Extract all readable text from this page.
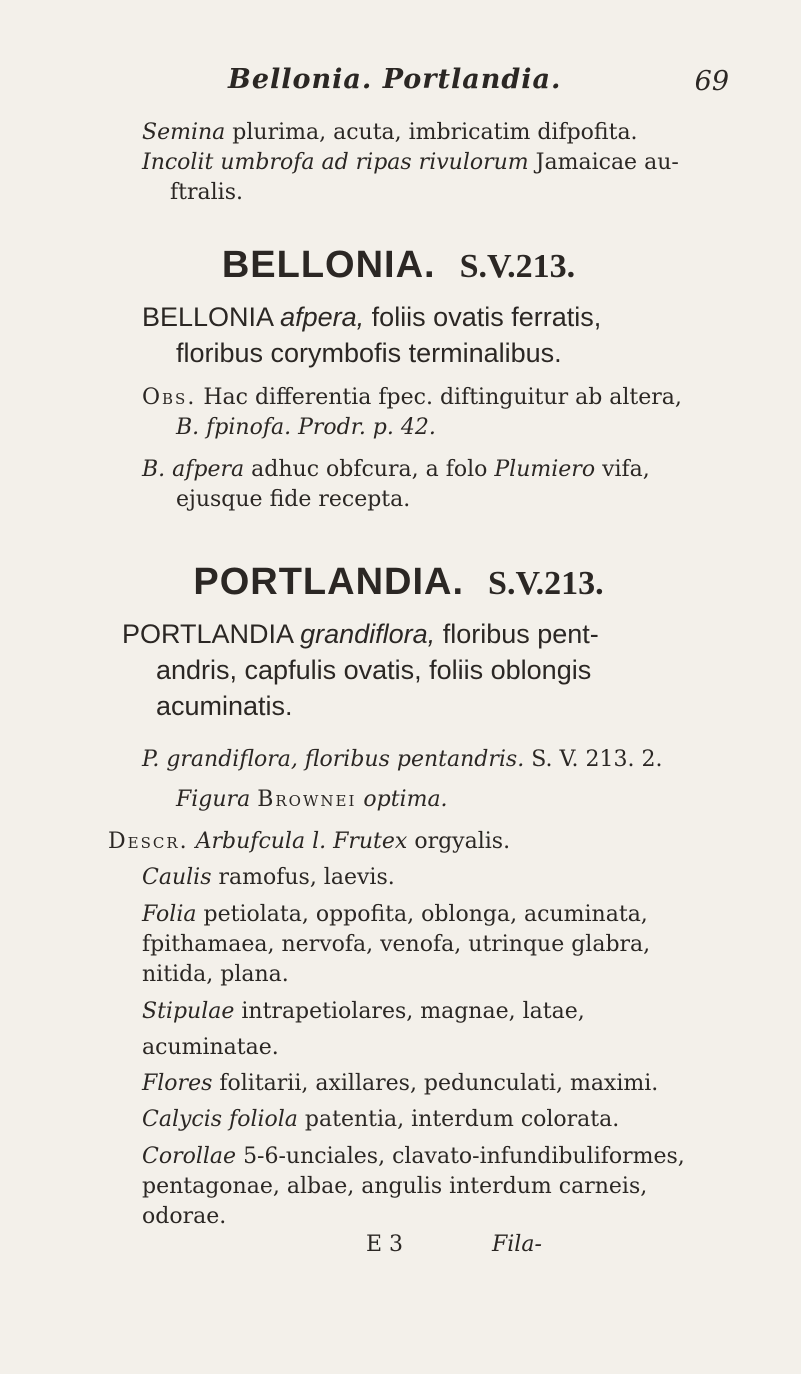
Bellonia. Portlandia.	69

Semina plurima, acuta, imbricatim difpofita.

Incolit umbrofa ad ripas rivulorum Jamaicae au-

ftralis.

BELLONIA. S.V.213.
BELLONIA afpera, foliis ovatis ferratis,
floribus corymbofis terminalibus.
Obs. Hac differentia fpec. diftinguitur ab altera,
B. fpinofa. Prodr. p. 42.
B. afpera adhuc obfcura, a folo Plumiero vifa,
ejusque fide recepta.
PORTLANDIA. S.V.213.
PORTLANDIA grandiflora, floribus pent-
andris, capfulis ovatis, foliis oblongis
acuminatis.
P. grandiflora, floribus pentandris. S. V. 213. 2.
Figura Brownei optima.
Descr. Arbufcula l. Frutex orgyalis.
Caulis ramofus, laevis.
Folia petiolata, oppofita, oblonga, acuminata,
fpithamaea, nervofa, venofa, utrinque glabra,
nitida, plana.
Stipulae intrapetiolares, magnae, latae, acuminatae.
Flores folitarii, axillares, pedunculati, maximi.
Calycis foliola patentia, interdum colorata.
Corollae 5-6-unciales, clavato-infundibuliformes,
pentagonae, albae, angulis interdum carneis,
odorae.
E 3	Fila-
